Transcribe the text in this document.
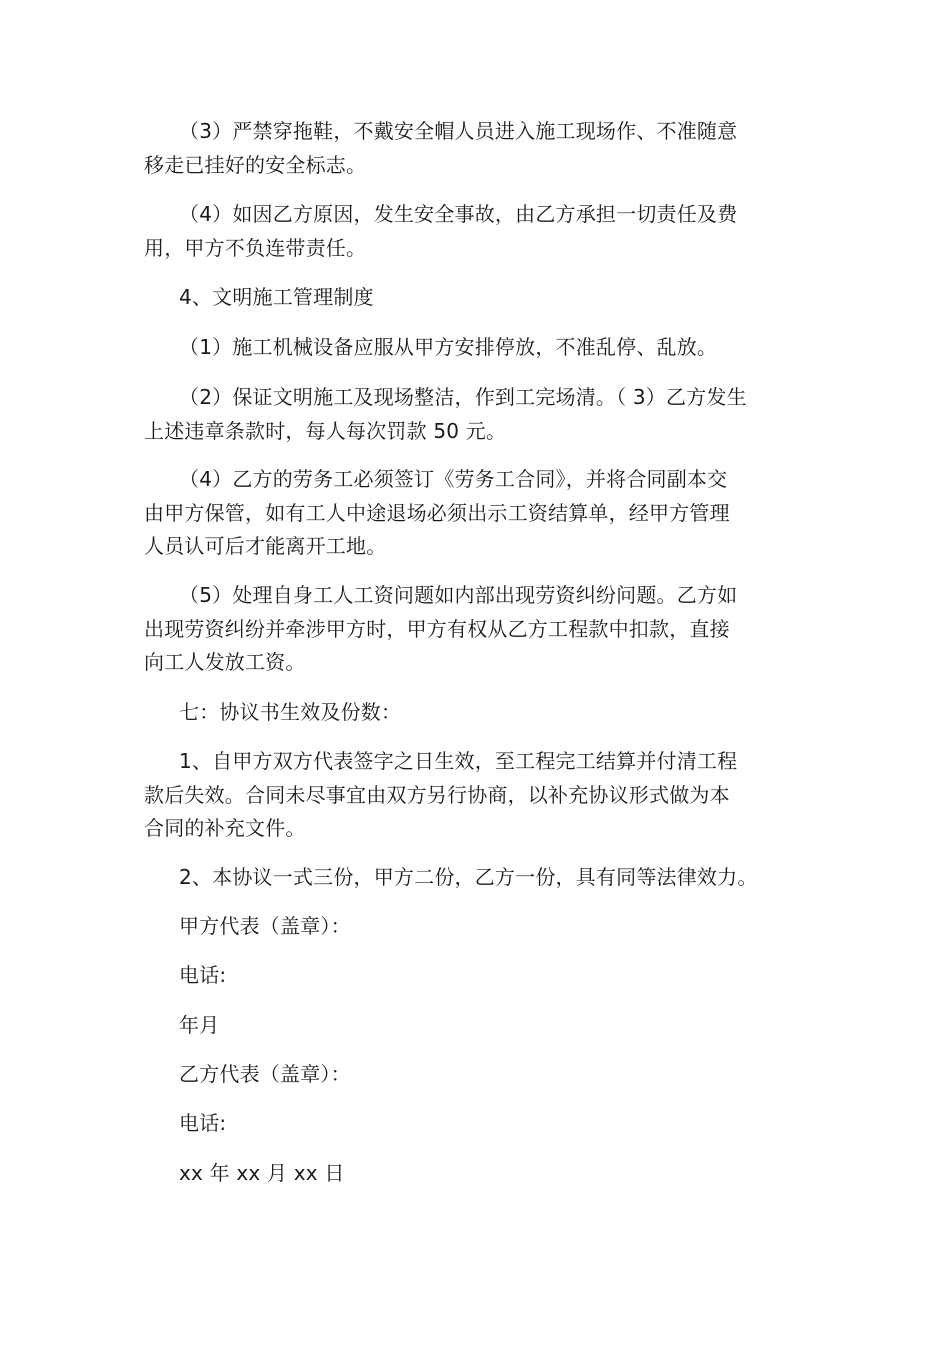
（3）严禁穿拖鞋，不戴安全帽人员进入施工现场作、不准随意
移走已挂好的安全标志。
（4）如因乙方原因，发生安全事故，由乙方承担一切责任及费
用，甲方不负连带责任。
4、文明施工管理制度
（1）施工机械设备应服从甲方安排停放，不准乱停、乱放。
（2）保证文明施工及现场整洁，作到工完场清。（ 3）乙方发生
上述违章条款时，每人每次罚款 50 元。
（4）乙方的劳务工必须签订《劳务工合同》，并将合同副本交
由甲方保管，如有工人中途退场必须出示工资结算单，经甲方管理
人员认可后才能离开工地。
（5）处理自身工人工资问题如内部出现劳资纠纷问题。乙方如
出现劳资纠纷并牵涉甲方时，甲方有权从乙方工程款中扣款，直接
向工人发放工资。
七：协议书生效及份数：
1、自甲方双方代表签字之日生效，至工程完工结算并付清工程
款后失效。合同未尽事宜由双方另行协商，以补充协议形式做为本
合同的补充文件。
2、本协议一式三份，甲方二份，乙方一份，具有同等法律效力。
甲方代表（盖章）：
电话:
年月
乙方代表（盖章）：
电话:
xx 年 xx 月 xx 日
